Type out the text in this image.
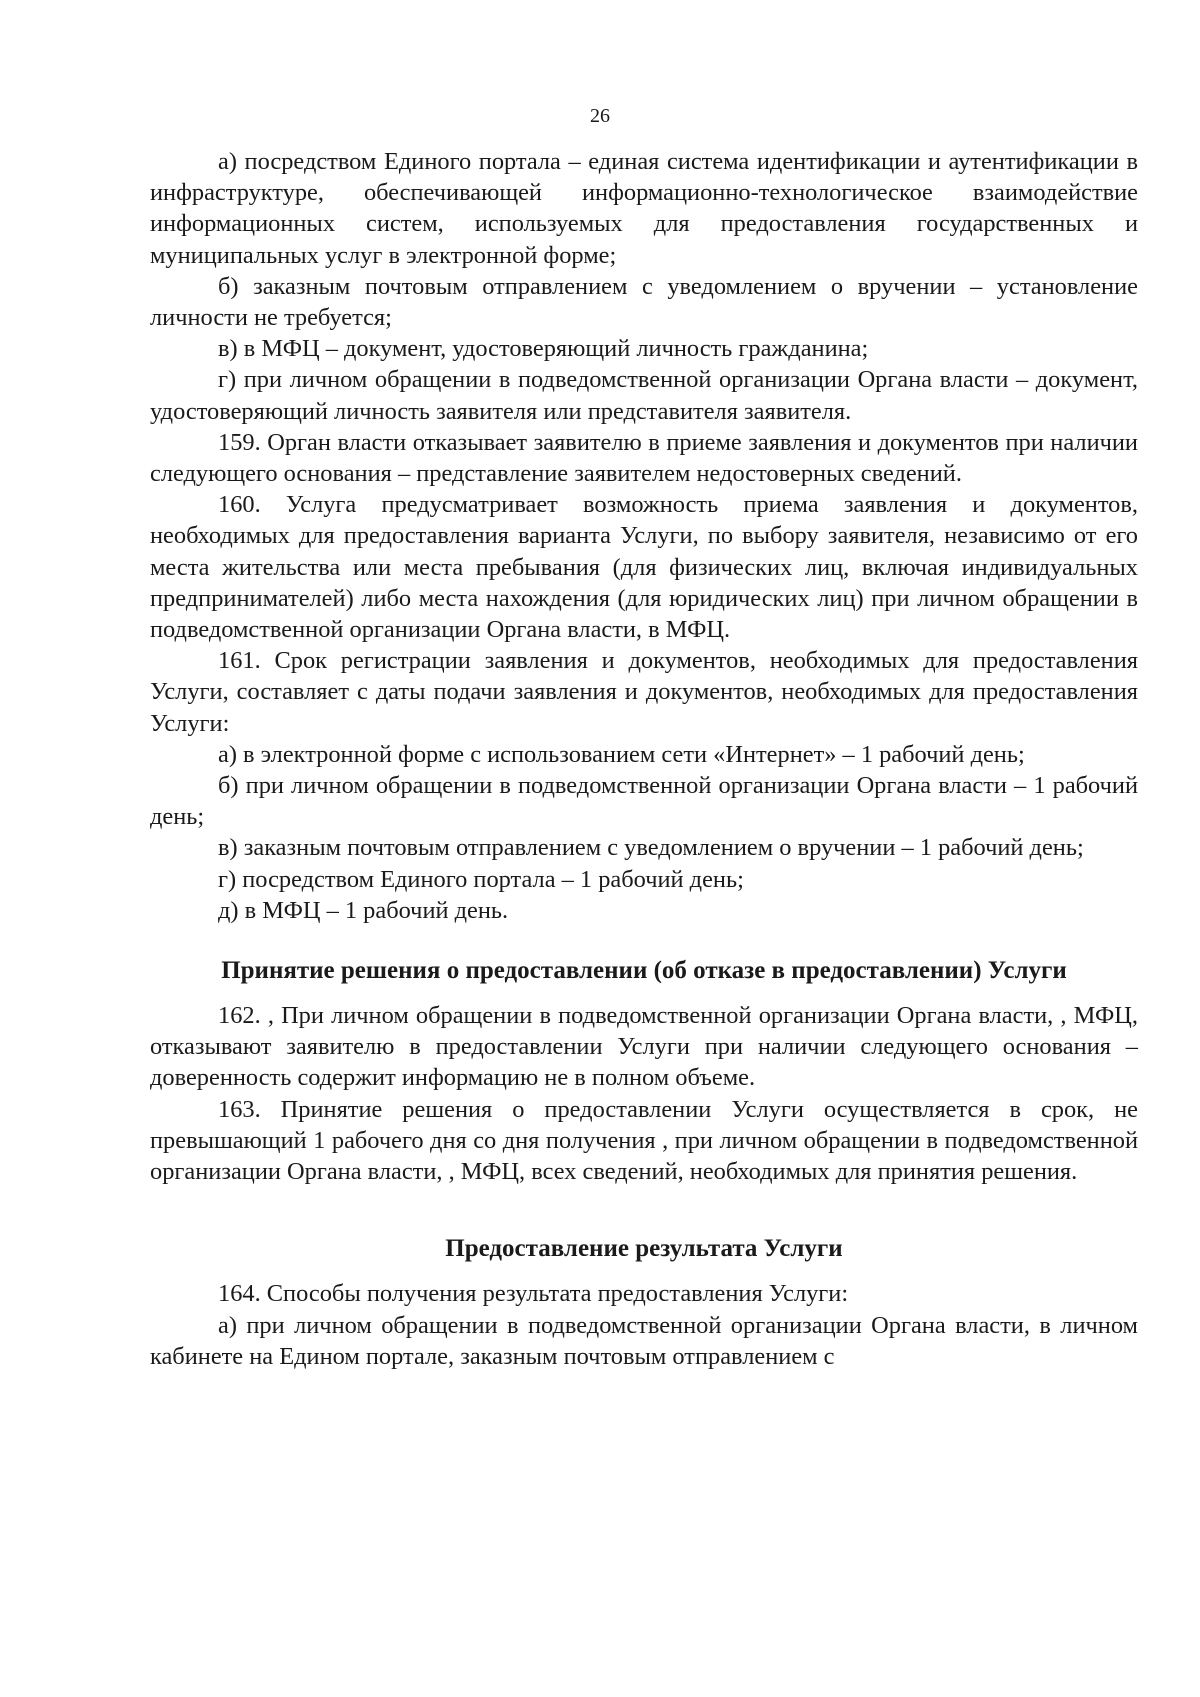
26

а) посредством Единого портала – единая система идентификации и аутентификации в инфраструктуре, обеспечивающей информационно-технологическое взаимодействие информационных систем, используемых для предоставления государственных и муниципальных услуг в электронной форме;

б) заказным почтовым отправлением с уведомлением о вручении – установление личности не требуется;

в) в МФЦ – документ, удостоверяющий личность гражданина;

г) при личном обращении в подведомственной организации Органа власти – документ, удостоверяющий личность заявителя или представителя заявителя.

159. Орган власти отказывает заявителю в приеме заявления и документов при наличии следующего основания – представление заявителем недостоверных сведений.

160. Услуга предусматривает возможность приема заявления и документов, необходимых для предоставления варианта Услуги, по выбору заявителя, независимо от его места жительства или места пребывания (для физических лиц, включая индивидуальных предпринимателей) либо места нахождения (для юридических лиц) при личном обращении в подведомственной организации Органа власти, в МФЦ.

161. Срок регистрации заявления и документов, необходимых для предоставления Услуги, составляет с даты подачи заявления и документов, необходимых для предоставления Услуги:

а) в электронной форме с использованием сети «Интернет» – 1 рабочий день;

б) при личном обращении в подведомственной организации Органа власти – 1 рабочий день;

в) заказным почтовым отправлением с уведомлением о вручении – 1 рабочий день;

г) посредством Единого портала – 1 рабочий день;

д) в МФЦ – 1 рабочий день.

Принятие решения о предоставлении (об отказе в предоставлении) Услуги

162. , При личном обращении в подведомственной организации Органа власти, , МФЦ, отказывают заявителю в предоставлении Услуги при наличии следующего основания – доверенность содержит информацию не в полном объеме.

163. Принятие решения о предоставлении Услуги осуществляется в срок, не превышающий 1 рабочего дня со дня получения , при личном обращении в подведомственной организации Органа власти, , МФЦ, всех сведений, необходимых для принятия решения.

Предоставление результата Услуги

164. Способы получения результата предоставления Услуги:

а) при личном обращении в подведомственной организации Органа власти, в личном кабинете на Едином портале, заказным почтовым отправлением с
